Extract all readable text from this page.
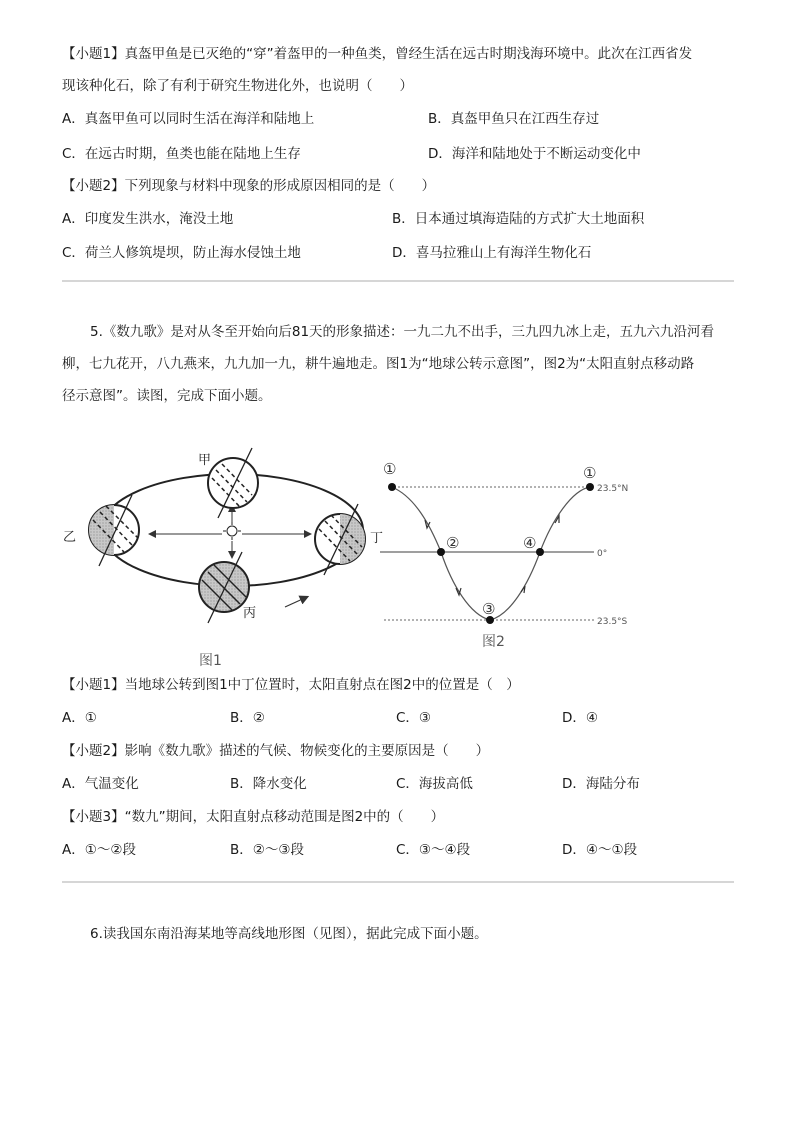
【小题1】真盔甲鱼是已灭绝的“穿”着盔甲的一种鱼类，曾经生活在远古时期浅海环境中。此次在江西省发
现该种化石，除了有利于研究生物进化外，也说明（　　）
A．真盔甲鱼可以同时生活在海洋和陆地上	B．真盔甲鱼只在江西生存过
C．在远古时期，鱼类也能在陆地上生存	D．海洋和陆地处于不断运动变化中
【小题2】下列现象与材料中现象的形成原因相同的是（　　）
A．印度发生洪水，淹没土地	B．日本通过填海造陆的方式扩大土地面积
C．荷兰人修筑堤坝，防止海水侵蚀土地	D．喜马拉雅山上有海洋生物化石
5.《数九歌》是对从冬至开始向后81天的形象描述：一九二九不出手，三九四九冰上走，五九六九沿河看
柳，七九花开，八九燕来，九九加一九，耕牛遍地走。图1为“地球公转示意图”，图2为“太阳直射点移动路
径示意图”。读图，完成下面小题。
甲
乙	丁
丙
图1
23.5°N
0°
23.5°S
①	①
②
③
④
图2
【小题1】当地球公转到图1中丁位置时，太阳直射点在图2中的位置是（　）
A．①	B．②	C．③	D．④
【小题2】影响《数九歌》描述的气候、物候变化的主要原因是（　　）
A．气温变化	B．降水变化	C．海拔高低	D．海陆分布
【小题3】“数九”期间，太阳直射点移动范围是图2中的（　　）
A．①～②段	B．②～③段	C．③～④段	D．④～①段
6.读我国东南沿海某地等高线地形图（见图），据此完成下面小题。
